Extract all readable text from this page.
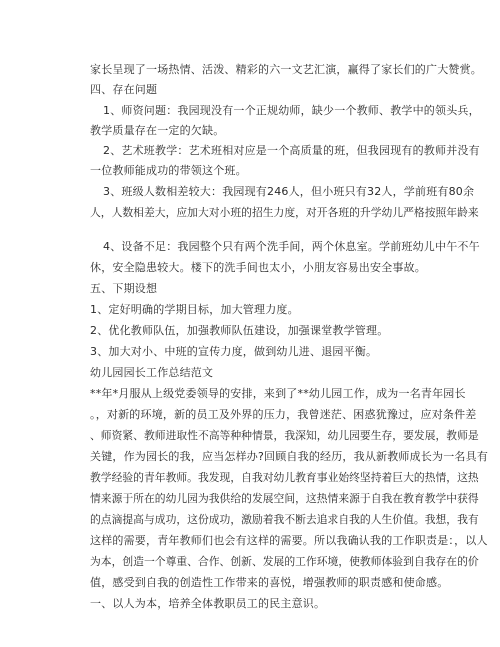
家长呈现了一场热情、活泼、精彩的六一文艺汇演，赢得了家长们的广大赞赏。
四、存在问题
1、师资问题：我园现没有一个正规幼师，缺少一个教师、教学中的领头兵，
教学质量存在一定的欠缺。
2、艺术班教学：艺术班相对应是一个高质量的班，但我园现有的教师并没有
一位教师能成功的带领这个班。
3、班级人数相差较大：我园现有246人，但小班只有32人，学前班有80余
人，人数相差大，应加大对小班的招生力度，对开各班的升学幼儿严格按照年龄来
4、设备不足：我园整个只有两个洗手间，两个休息室。学前班幼儿中午不午
休，安全隐患较大。楼下的洗手间也太小，小朋友容易出安全事故。
五、下期设想
1、定好明确的学期目标，加大管理力度。
2、优化教师队伍，加强教师队伍建设，加强课堂教学管理。
3、加大对小、中班的宣传力度，做到幼儿进、退园平衡。
幼儿园园长工作总结范文
**年*月服从上级党委领导的安排，来到了**幼儿园工作，成为一名青年园长
。，对新的环境，新的员工及外界的压力，我曾迷茫、困惑犹豫过，应对条件差
、师资紧、教师进取性不高等种种情景，我深知，幼儿园要生存，要发展，教师是
关键，作为园长的我，应当怎样办?回顾自我的经历，我从新教师成长为一名具有
教学经验的青年教师。我发现，自我对幼儿教育事业始终坚持着巨大的热情，这热
情来源于所在的幼儿园为我供给的发展空间，这热情来源于自我在教育教学中获得
的点滴提高与成功，这份成功，激励着我不断去追求自我的人生价值。我想，我有
这样的需要，青年教师们也会有这样的需要。所以我确认我的工作职责是：，以人
为本，创造一个尊重、合作、创新、发展的工作环境，使教师体验到自我存在的价
值，感受到自我的创造性工作带来的喜悦，增强教师的职责感和使命感。
一、以人为本，培养全体教职员工的民主意识。
